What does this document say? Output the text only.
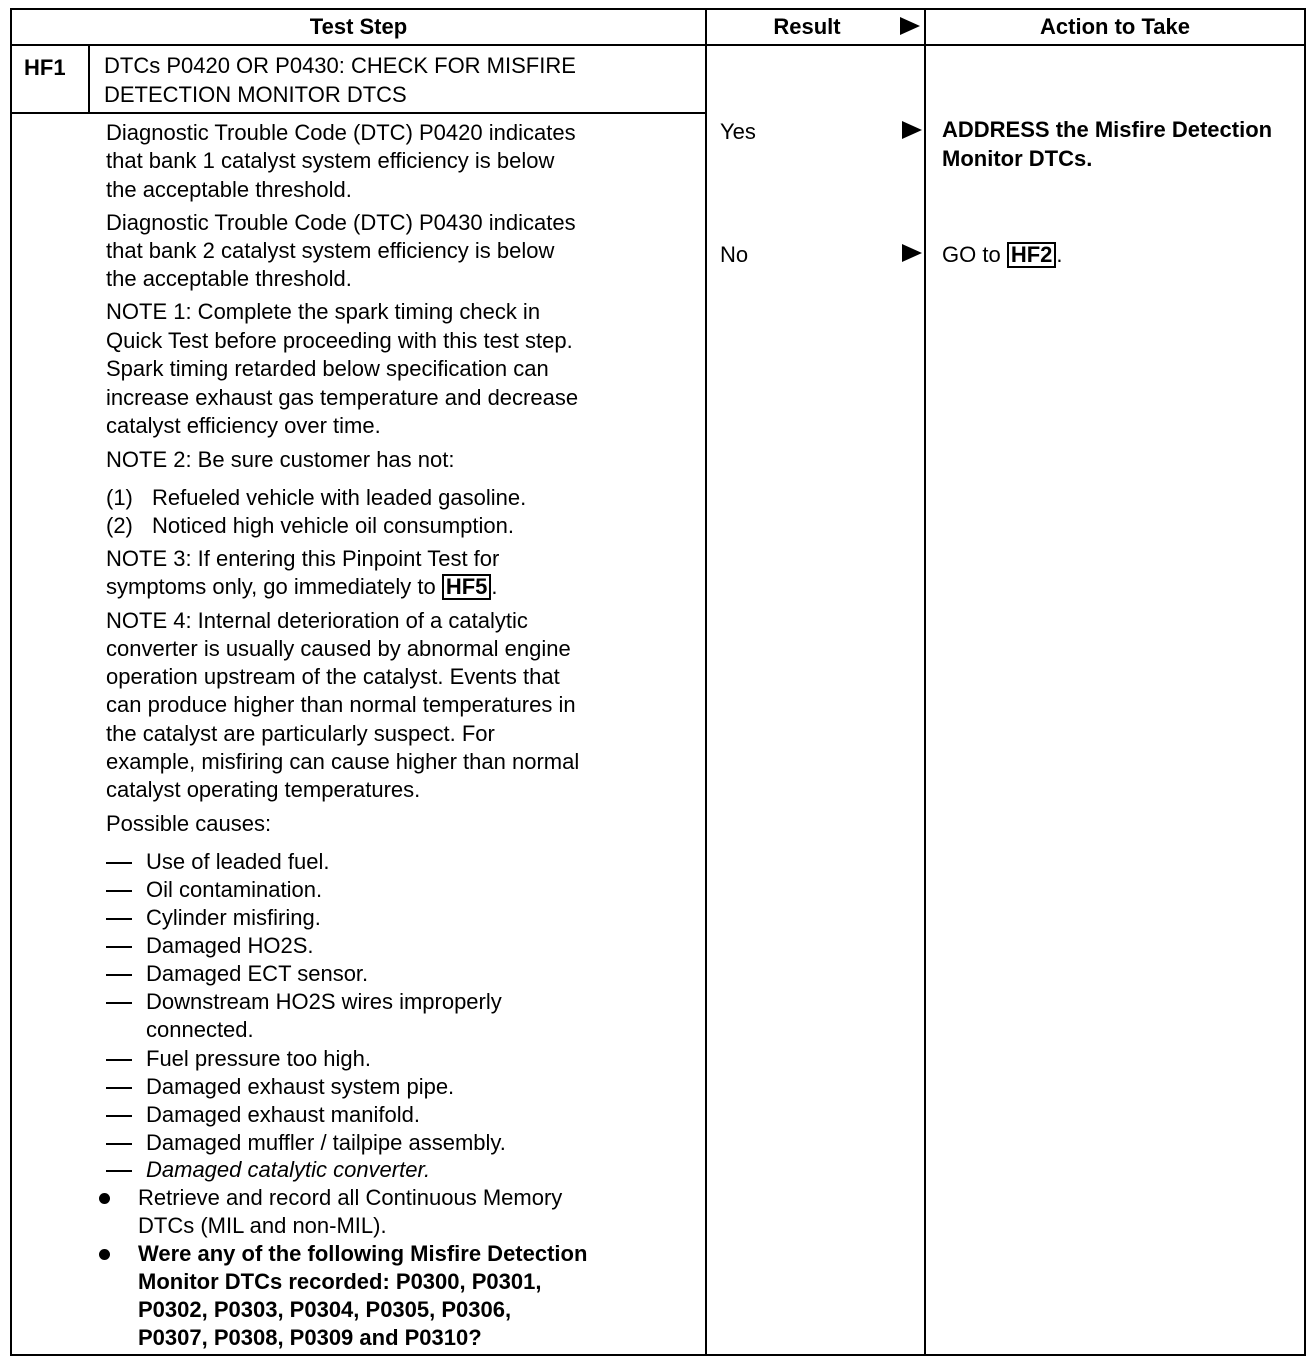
Test Step	Result	Action to Take
HF1 DTCs P0420 OR P0430: CHECK FOR MISFIRE
DETECTION MONITOR DTCS
Diagnostic Trouble Code (DTC) P0420 indicates
that bank 1 catalyst system efficiency is below
the acceptable threshold.
Diagnostic Trouble Code (DTC) P0430 indicates
that bank 2 catalyst system efficiency is below
the acceptable threshold.
NOTE 1: Complete the spark timing check in
Quick Test before proceeding with this test step.
Spark timing retarded below specification can
increase exhaust gas temperature and decrease
catalyst efficiency over time.
NOTE 2: Be sure customer has not:
(1) Refueled vehicle with leaded gasoline.
(2) Noticed high vehicle oil consumption.
NOTE 3: If entering this Pinpoint Test for
symptoms only, go immediately to HF5 .
NOTE 4: Internal deterioration of a catalytic
converter is usually caused by abnormal engine
operation upstream of the catalyst. Events that
can produce higher than normal temperatures in
the catalyst are particularly suspect. For
example, misfiring can cause higher than normal
catalyst operating temperatures.
Possible causes:
Use of leaded fuel.
Oil contamination.
Cylinder misfiring.
Damaged HO2S.
Damaged ECT sensor.
Downstream HO2S wires improperly
connected.
Fuel pressure too high.
Damaged exhaust system pipe.
Damaged exhaust manifold.
Damaged muffler / tailpipe assembly.
Damaged catalytic converter.
Retrieve and record all Continuous Memory
DTCs (MIL and non-MIL).
Were any of the following Misfire Detection
Monitor DTCs recorded: P0300, P0301,
P0302, P0303, P0304, P0305, P0306,
P0307, P0308, P0309 and P0310?
Yes
No
ADDRESS the Misfire Detection
Monitor DTCs.
GO to HF2 .
